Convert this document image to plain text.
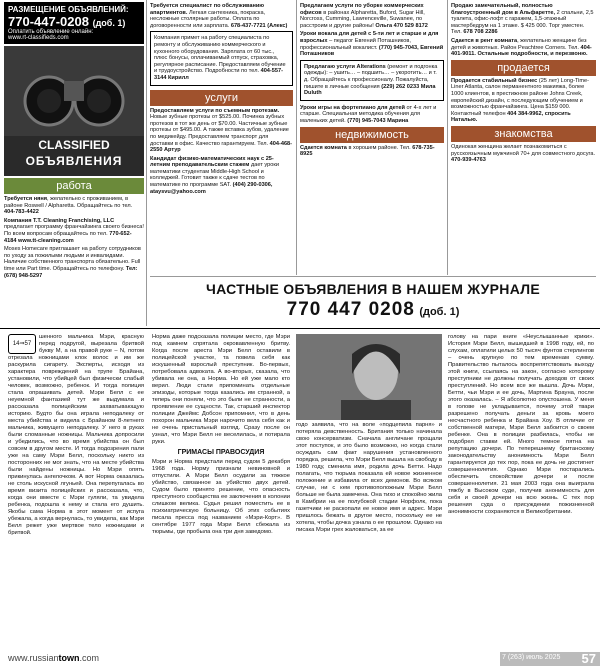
РАЗМЕЩЕНИЕ ОБЪЯВЛЕНИЙ:
770-447-0208 (доб. 1)
Оплатить объявление онлайн:
www.rt-classifieds.com
CLASSIFIED
ОБЪЯВЛЕНИЯ
работа

Требуется няня, желательно с проживанием, в районе Roswell / Alpharetta. Обращайтесь по тел. 404-783-4422

Компания T.T. Cleaning Franchising, LLC предлагает программу франчайзинга своего бизнеса! По всем вопросам обращайтесь по тел. 770-652-4184 www.tt-cleaning.com

Moses Homecare приглашает на работу сотрудников по уходу за пожилыми людьми и инвалидами. Наличие собственного транспорта обязательно. Full time или Part time. Обращайтесь по телефону. Тел: (678) 948-5297

Требуется специалист по обслуживанию апартментов. Легкая сантехника, покраска, несложные столярные работы. Оплата по договоренности или зарплата. 678-437-7721 (Алекс)

Компания примет на работу специалиста по ремонту и обслуживанию коммерческого и кухонного оборудования. Зарплата от 60 тыс., плюс бонусы, оплачиваемый отпуск, страховка, регулярное расписание. Предоставляем обучение и трудоустройство. Подробности по тел. 404-557-3144 Кирилл

услуги

Предоставляем услуги по съемным протезам. Новые зубные протезы от $525.00. Починка зубных протезов в тот же день от $70.00. Частичные зубные протезы от $495.00. А также вставка зубов, удаление по медикейду. Предоставляем транспорт для доставки в офис. Качество гарантируем. Тел. 404-468-2550 Артур

Кандидат физико-математических наук с 25-летним преподавательским стажем дает уроки математики студентам Middle-High School и колледжей. Готовит также к сдаче тестов по математике по программе SAT. (404) 290-0306, ataysvu@yahoo.com

Предлагаем услуги по уборке коммерческих офисов в районах Alpharetta, Buford, Sugar Hill, Norcross, Cumming, Lawrenceville, Suwanee, по расстроим и другие районы! Ольга 470 529 8172

Уроки вокала для детей с 5-ти лет и старше и для взрослых – педагог Евгений Поташников, профессиональный вокалист. (770) 945-7043, Евгений Поташников

Предлагаю услуги Alterations (ремонт и подгонка одежды): – ушить… – подшить… – укоротить… и т. д. Обращайтесь к профессионалу. Пожалуйста, пишите в личные сообщения (229) 262 0233 Мила Duluth

Уроки игры на фортепиано для детей от 4-х лет и старше. Специальная методика обучения для маленьких детей. (770) 945-7043 Марина

недвижимость

Сдается комната в хорошем районе. Тел. 678-735-8925

Продаю замечательный, полностью благоустроенный дом в Альфаретте, 2 спальни, 2,5 туалета, офис-лофт с гаражем, 1,5-этажный мастербедрум на 1 этаже. $ 425 000. Торг уместен. Тел. 678 708 2286

Сдается в рент комната, желательно женщине без детей и животных. Район Peachtree Corners. Тел. 404-401-9011. Остальные подробности, и перезвоню.

продается

Продается стабильный бизнес (25 лет) Long-Time-Liner Atlanta, салон перманентного макияжа, более 1000 клиентов, в престижном районе Johns Creek, европейский дизайн, с последующим обучением и возможностью франчайзинга. Цена $159 000. Контактный телефон 404 384-9962, спросить Наталью.

знакомства

Одинокая женщина желает познакомиться с русскоязычным мужчиной 70+ для совместного досуга. 470-939-4763

ЧАСТНЫЕ ОБЪЯВЛЕНИЯ В НАШЕМ ЖУРНАЛЕ
770 447 0208 (доб. 1)
14⇒57

шенного мальчика Мэри, красную перед подругой, вырезала бритвой букву М, а на правой руке – N, потом отрезала ножницами клок волос и им же раскурила сигарету. Эксперты, исходя из характера повреждений на трупе Брайана, установили, что убийцей был физически слабый человек, возможно, ребенок. И тогда полиция стала опрашивать детей. Мэри Белл с ее неуемной фантазией тут же выдумала и рассказала полицейским захватывающую историю. Будто бы она играла неподалеку от места убийства и видела с Брайаном 8-летнего мальчика, живущего неподалеку. У него в руках были сломанные ножницы. Мальчика допросили и убедились, что во время убийства он был совсем в другом месте. И тогда подозрения пали уже на саму Мэри Белл, поскольку никто из посторонних не мог знать, что на месте убийства были найдены ножницы. Но Мэри опять прикинулась ангелочком. А вот Норма оказалась не столь искусной лгуньей. Она перепугалась во время визита полицейских и рассказала, что, когда они вместе с Мэри гуляли, та увидела ребенка, подошла к нему и стала его душить. Якобы сама Норма в этот момент от испуга убежала, а когда вернулась, то увидела, как Мэри Белл режет уже мертвое тело ножницами и бритвой.

Норма даже подсказала полиции место, где Мэри под камнем спрятала окровавленную бритву. Когда после ареста Мэри Белл оставили в полицейской участке, та повела себя как искушенный взрослый преступник. Во-первых, потребовала адвоката. А во-вторых, сказала, что убивала не она, а Норма. Но ей уже мало кто верил. Люди стали припоминать отдельные эпизоды, которые тогда казались им странной, а теперь они поняли, что это были не странности, а проявление ее сущности. Так, старший инспектор полиции Джеймс Добсон припомнил, что в день похорон мальчика Мэри нарочито вела себя как и не очень пристальный взгляд. Сразу после он узнал, что Мэри Белл не веселилась, и потирала руки.

ГРИМАСЫ ПРАВОСУДИЯ

Мэри и Норма предстали перед судом 5 декабря 1968 года. Норму признали невиновной и отпустили. А Мэри Белл осудили за тяжкое убийство, связанное за убийство двух детей. Судом было принято решение, что опасность преступного сообщества ее заключения в колонии слишком велика. Судья решил поместить ее в психиатрическую больницу. Об этих событиях писала пресса под названием «Мэри-Корт». В сентябре 1977 года Мэри Белл сбежала из тюрьмы, где пробыла она три дня заведомо.

годо заявила, что на воле «подцепила парня» и потеряла девственность. Британия только начинала свою консерватизм. Сначала англичане прощали этот поступок, и это было возможно, но когда стали осуждать сам факт нарушения установленного порядка, решила, что Мэри Белл вышла на свободу в 1980 году, сменила имя, родила дочь Бетти. Надо полагать, что тюрьма показала ей новое жизненное положение и избавила от всех демонов. Во всяком случае, ни с кем противоположным Мэри Белл больше не была замечена. Она тихо и спокойно жила в Камбрии на ее полубокой стадии Норфолк, пока газетчики не раскопали ее новое имя и адрес. Мэри пришлось бежать в другое место, поскольку ее не хотела, чтобы дочка узнала о ее прошлом. Однако на писака Мэри грех жаловаться, за ее

голову на пари книге «Неуслышанные крики». История Мэри Белл, вышедшей в 1998 году, ей, по слухам, оплатили целых 50 тысяч фунтов стерлингов – очень крупную по тем временам сумму. Правительство пыталось воспрепятствовать выходу этой книги, ссылаясь на закон, согласно которому преступники не должны получать доходов от своих преступлений. Но всем все же вышла. Дочь Мэри, Бетти, чьи Мэри и ее дочь, Мартина Брауна, после этого оказалась. – Я абсолютно опустошена. У меня в голове не укладывается, почему этой твари разрешено получать деньги за кровь моего несчастного ребенка и Брайана Хоу. В отличие от собственной матери, Мэри Белл забоится о своем ребенке. Она в полиции разбилась, чтобы не подобрел ставки ей. Много темное пятна на репутацию дочери. По теперешнему британскому законодательству анонимность Мэри Белл гарантируется до тех пор, пока ее дочь не достигнет совершеннолетия. Однако Мэри постарались обеспечить спокойствие дочери и после совершеннолетия. 21 мая 2003 года она выиграла тяжбу в Высоком суде, получив анонимность для себя и своей дочери на всю жизнь. С тех пор решения суда о присуждении пожизненной анонимности сохраняются в Великобритании.

www.russiantown.com	7 (263) июль 2025 57
